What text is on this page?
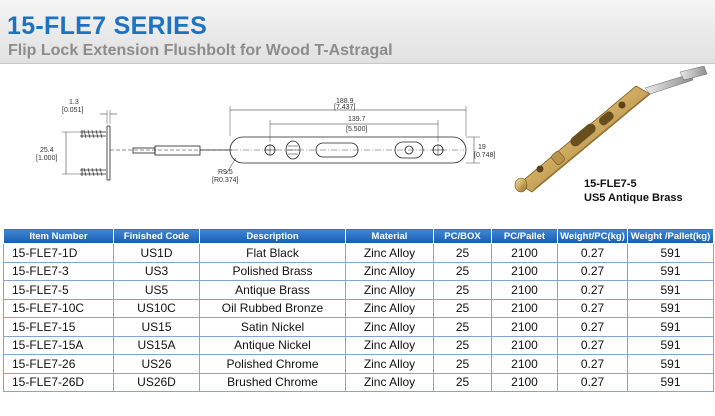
15-FLE7 SERIES
Flip Lock Extension Flushbolt for Wood T-Astragal
1.3
[0.051]
25.4
[1.000]
188.9
[7.437]
139.7
[5.500]
19
[0.748]
R9.5
[R0.374]	15-FLE7-5
US5 Antique Brass
Item Number	Finished Code	Description	Material	PC/BOX	PC/Pallet	Weight/PC(kg)	Weight /Pallet(kg)
15-FLE7-1D	US1D	Flat Black	Zinc Alloy	25	2100	0.27	591
15-FLE7-3	US3	Polished Brass	Zinc Alloy	25	2100	0.27	591
15-FLE7-5	US5	Antique Brass	Zinc Alloy	25	2100	0.27	591
15-FLE7-10C	US10C	Oil Rubbed Bronze	Zinc Alloy	25	2100	0.27	591
15-FLE7-15	US15	Satin Nickel	Zinc Alloy	25	2100	0.27	591
15-FLE7-15A	US15A	Antique Nickel	Zinc Alloy	25	2100	0.27	591
15-FLE7-26	US26	Polished Chrome	Zinc Alloy	25	2100	0.27	591
15-FLE7-26D	US26D	Brushed Chrome	Zinc Alloy	25	2100	0.27	591
